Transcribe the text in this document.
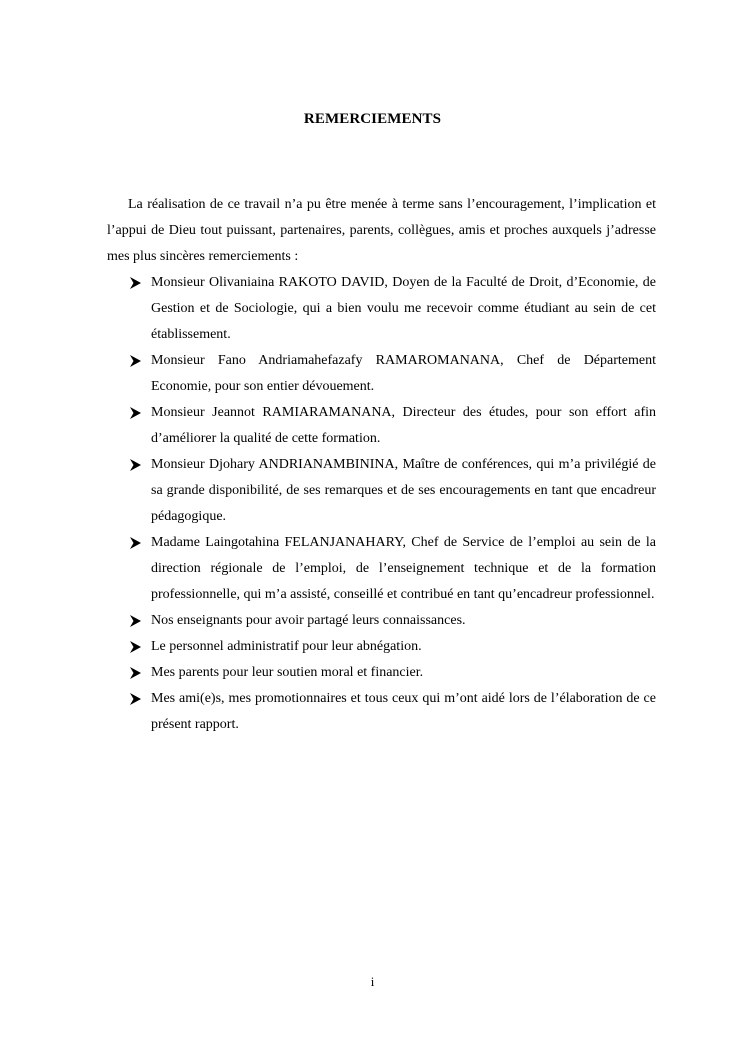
REMERCIEMENTS

La réalisation de ce travail n’a pu être menée à terme sans l’encouragement, l’implication et l’appui de Dieu tout puissant, partenaires, parents, collègues, amis et proches auxquels j’adresse mes plus sincères remerciements :

Monsieur Olivaniaina RAKOTO DAVID, Doyen de la Faculté de Droit, d’Economie, de Gestion et de Sociologie, qui a bien voulu me recevoir comme étudiant au sein de cet établissement.
Monsieur Fano Andriamahefazafy RAMAROMANANA, Chef de Département Economie, pour son entier dévouement.
Monsieur Jeannot RAMIARAMANANA, Directeur des études, pour son effort afin d’améliorer la qualité de cette formation.
Monsieur Djohary ANDRIANAMBININA, Maître de conférences, qui m’a privilégié de sa grande disponibilité, de ses remarques et de ses encouragements en tant que encadreur pédagogique.
Madame Laingotahina FELANJANAHARY, Chef de Service de l’emploi au sein de la direction régionale de l’emploi, de l’enseignement technique et de la formation professionnelle, qui m’a assisté, conseillé et contribué en tant qu’encadreur professionnel.
Nos enseignants pour avoir partagé leurs connaissances.
Le personnel administratif pour leur abnégation.
Mes parents pour leur soutien moral et financier.
Mes ami(e)s, mes promotionnaires et tous ceux qui m’ont aidé lors de l’élaboration de ce présent rapport.
i
